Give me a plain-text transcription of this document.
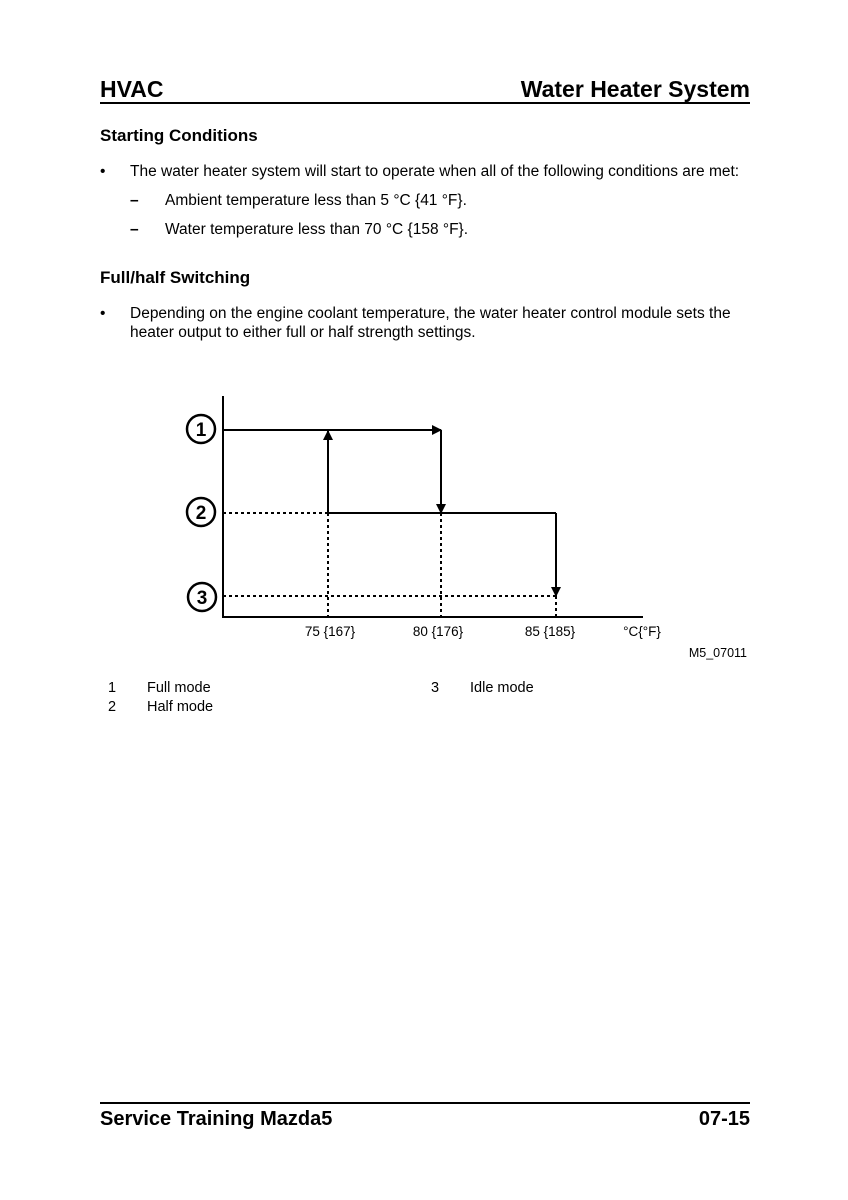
HVAC	Water Heater System
Starting Conditions
•	The water heater system will start to operate when all of the following conditions are met:
–	Ambient temperature less than 5 °C {41 °F}.
–	Water temperature less than 70 °C {158 °F}.
Full/half Switching
•	Depending on the engine coolant temperature, the water heater control module sets the
heater output to either full or half strength settings.
1
2
3
75 {167}	80 {176}	85 {185}	°C{°F}
M5_07011
1	Full mode
2	Half mode
3	Idle mode
Service Training Mazda5	07-15
